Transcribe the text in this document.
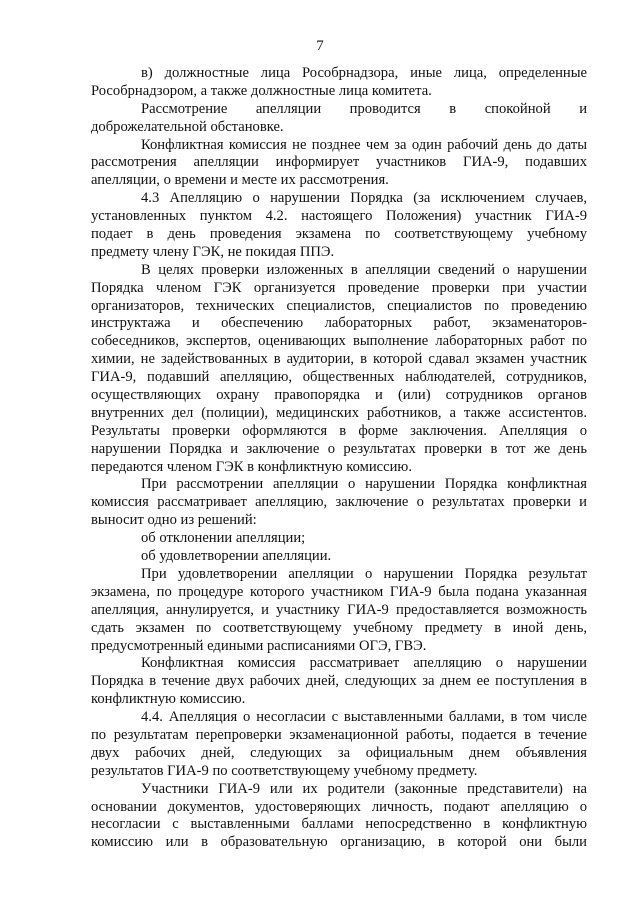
7
в) должностные лица Рособрнадзора, иные лица, определенные
Рособрнадзором, а также должностные лица комитета.
Рассмотрение апелляции проводится в спокойной и
доброжелательной обстановке.
Конфликтная комиссия не позднее чем за один рабочий день до даты
рассмотрения апелляции информирует участников ГИА-9, подавших
апелляции, о времени и месте их рассмотрения.
4.3 Апелляцию о нарушении Порядка (за исключением случаев,
установленных пунктом 4.2. настоящего Положения) участник ГИА-9
подает в день проведения экзамена по соответствующему учебному
предмету члену ГЭК, не покидая ППЭ.
В целях проверки изложенных в апелляции сведений о нарушении
Порядка членом ГЭК организуется проведение проверки при участии
организаторов, технических специалистов, специалистов по проведению
инструктажа и обеспечению лабораторных работ, экзаменаторов-
собеседников, экспертов, оценивающих выполнение лабораторных работ по
химии, не задействованных в аудитории, в которой сдавал экзамен участник
ГИА-9, подавший апелляцию, общественных наблюдателей, сотрудников,
осуществляющих охрану правопорядка и (или) сотрудников органов
внутренних дел (полиции), медицинских работников, а также ассистентов.
Результаты проверки оформляются в форме заключения. Апелляция о
нарушении Порядка и заключение о результатах проверки в тот же день
передаются членом ГЭК в конфликтную комиссию.
При рассмотрении апелляции о нарушении Порядка конфликтная
комиссия рассматривает апелляцию, заключение о результатах проверки и
выносит одно из решений:
об отклонении апелляции;
об удовлетворении апелляции.
При удовлетворении апелляции о нарушении Порядка результат
экзамена, по процедуре которого участником ГИА-9 была подана указанная
апелляция, аннулируется, и участнику ГИА-9 предоставляется возможность
сдать экзамен по соответствующему учебному предмету в иной день,
предусмотренный едиными расписаниями ОГЭ, ГВЭ.
Конфликтная комиссия рассматривает апелляцию о нарушении
Порядка в течение двух рабочих дней, следующих за днем ее поступления в
конфликтную комиссию.
4.4. Апелляция о несогласии с выставленными баллами, в том числе
по результатам перепроверки экзаменационной работы, подается в течение
двух рабочих дней, следующих за официальным днем объявления
результатов ГИА-9 по соответствующему учебному предмету.
Участники ГИА-9 или их родители (законные представители) на
основании документов, удостоверяющих личность, подают апелляцию о
несогласии с выставленными баллами непосредственно в конфликтную
комиссию или в образовательную организацию, в которой они были
